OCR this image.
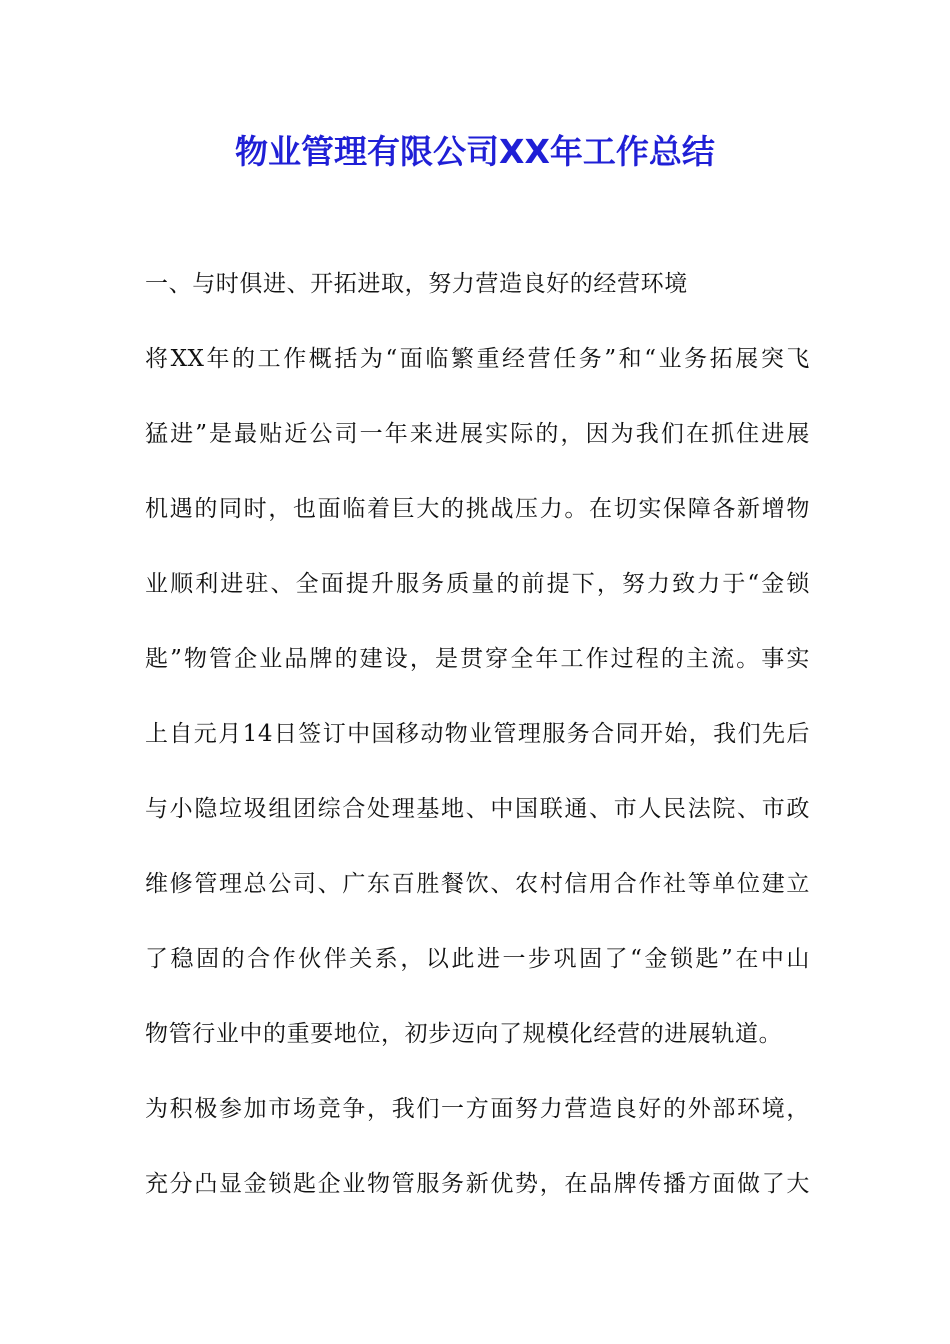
物业管理有限公司XX年工作总结

一、与时俱进、开拓进取，努力营造良好的经营环境

将XX年的工作概括为“面临繁重经营任务”和“业务拓展突飞

猛进”是最贴近公司一年来进展实际的，因为我们在抓住进展

机遇的同时，也面临着巨大的挑战压力。在切实保障各新增物

业顺利进驻、全面提升服务质量的前提下，努力致力于“金锁

匙”物管企业品牌的建设，是贯穿全年工作过程的主流。事实

上自元月14日签订中国移动物业管理服务合同开始，我们先后

与小隐垃圾组团综合处理基地、中国联通、市人民法院、市政

维修管理总公司、广东百胜餐饮、农村信用合作社等单位建立

了稳固的合作伙伴关系，以此进一步巩固了“金锁匙”在中山

物管行业中的重要地位，初步迈向了规模化经营的进展轨道。

为积极参加市场竞争，我们一方面努力营造良好的外部环境，

充分凸显金锁匙企业物管服务新优势，在品牌传播方面做了大
